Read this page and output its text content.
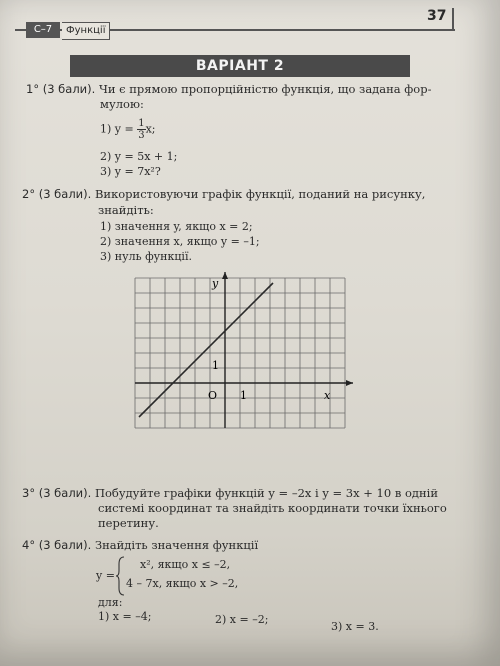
С–7	Функції
37
ВАРІАНТ 2
1° (3 бали). Чи є прямою пропорційністю функція, що задана фор-
мулою:
1) $y = \frac{1}{3} x$;
2) y = 5x + 1;
3) y = 7x²?
2° (3 бали). Використовуючи графік функції, поданий на рисунку,
знайдіть:
1) значення y, якщо x = 2;
2) значення x, якщо y = –1;
3) нуль функції.
y
x
O 1
1
3° (3 бали). Побудуйте графіки функцій y = –2x і y = 3x + 10 в одній
системі координат та знайдіть координати точки їхнього
перетину.
4° (3 бали). Знайдіть значення функції
y =
x², якщо x ≤ –2,
4 – 7x, якщо x > –2,
для:
1) x = –4;	2) x = –2;
3) x = 3.
